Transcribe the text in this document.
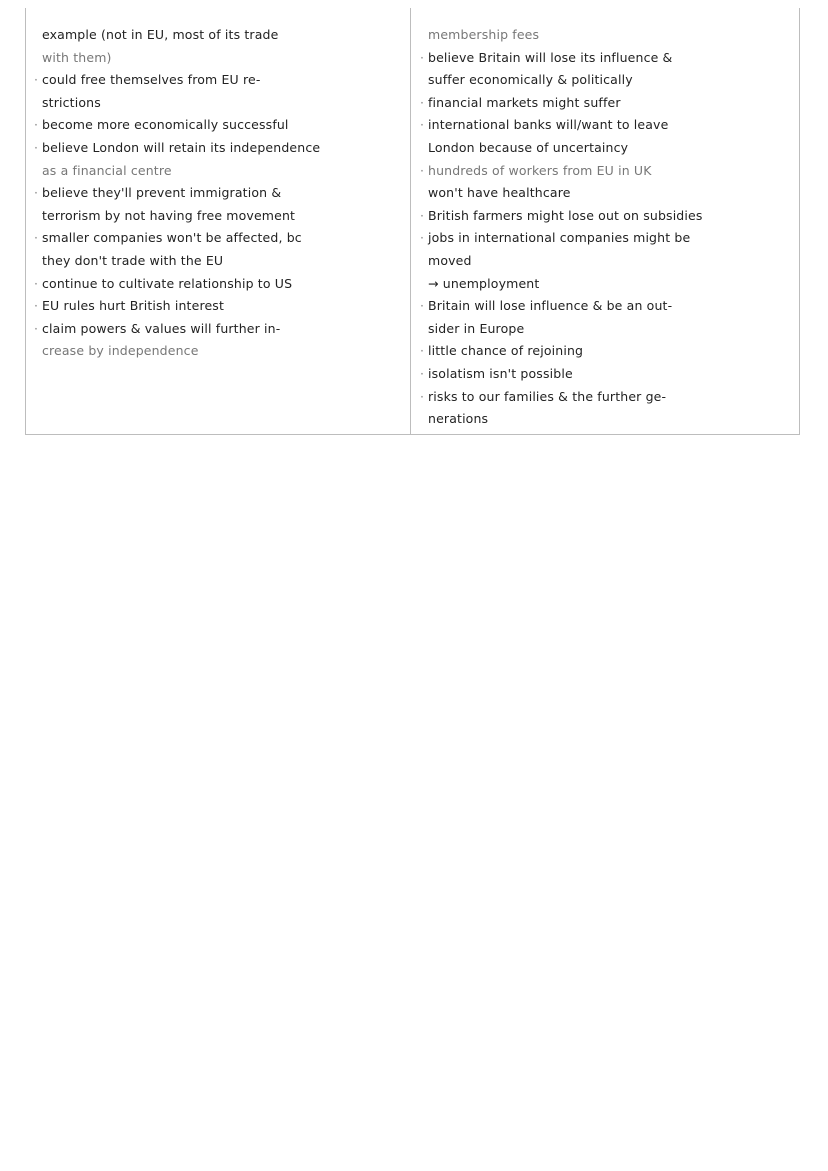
example (not in EU, most of its trade
with them)
· could free themselves from EU re-
strictions
· become more economically successful
· believe London will retain its independence
as a financial centre
· believe they'll prevent immigration &
terrorism by not having free movement
· smaller companies won't be affected, bc
they don't trade with the EU
· continue to cultivate relationship to US
· EU rules hurt British interest
· claim powers & values will further in-
crease by independence
membership fees
· believe Britain will lose its influence &
suffer economically & politically
· financial markets might suffer
· international banks will/want to leave
London because of uncertaincy
· hundreds of workers from EU in UK
won't have healthcare
· British farmers might lose out on subsidies
· jobs in international companies might be
moved
→ unemployment
· Britain will lose influence & be an out-
sider in Europe
· little chance of rejoining
· isolatism isn't possible
· risks to our families & the further ge-
nerations
